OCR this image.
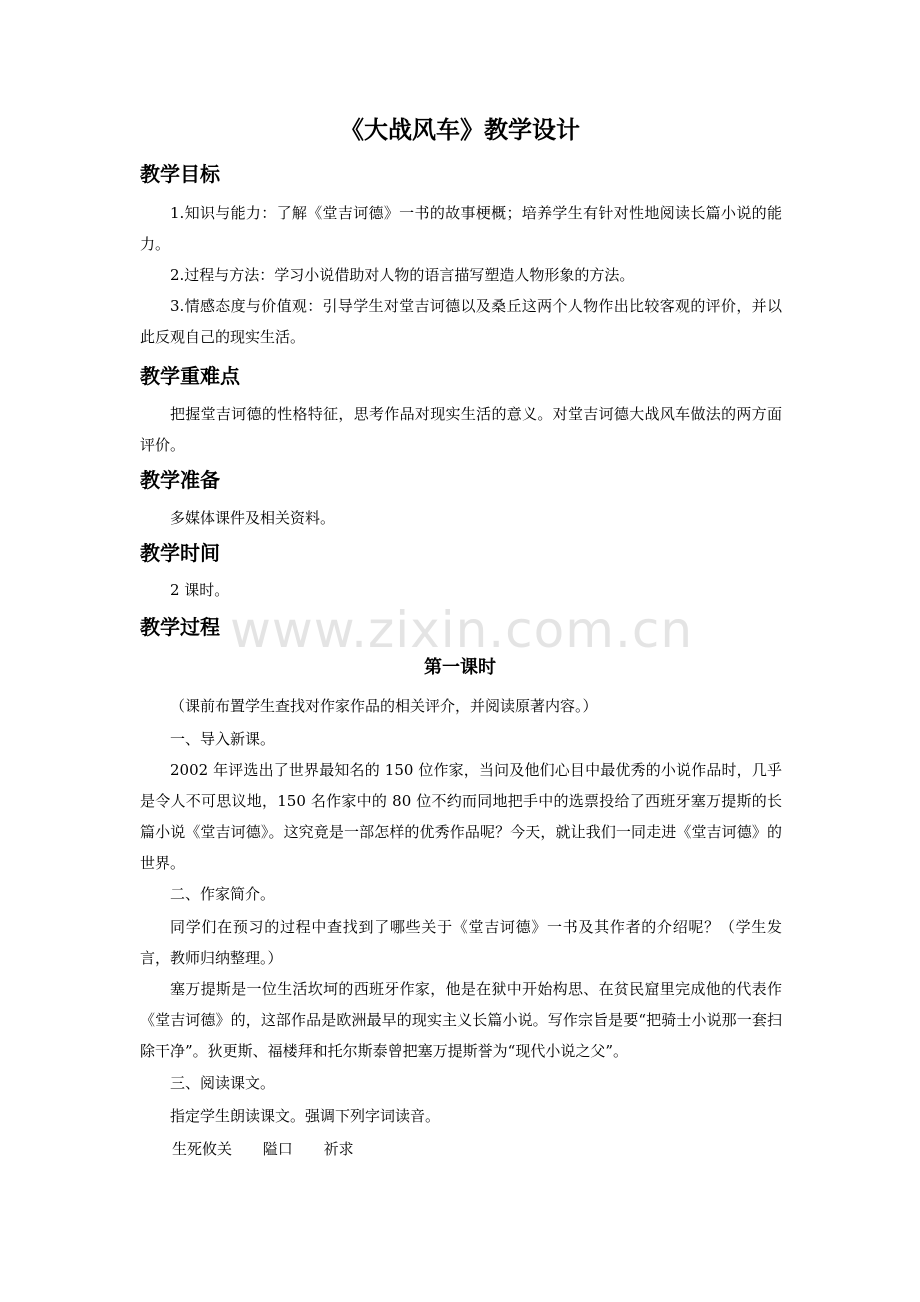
《大战风车》教学设计
教学目标

1.知识与能力：了解《堂吉诃德》一书的故事梗概；培养学生有针对性地阅读长篇小说的能力。

2.过程与方法：学习小说借助对人物的语言描写塑造人物形象的方法。

3.情感态度与价值观：引导学生对堂吉诃德以及桑丘这两个人物作出比较客观的评价，并以此反观自己的现实生活。

教学重难点

把握堂吉诃德的性格特征，思考作品对现实生活的意义。对堂吉诃德大战风车做法的两方面评价。

教学准备

多媒体课件及相关资料。

教学时间

2 课时。

教学过程
第一课时

（课前布置学生查找对作家作品的相关评介，并阅读原著内容。）

一、导入新课。

2002 年评选出了世界最知名的 150 位作家，当问及他们心目中最优秀的小说作品时，几乎是令人不可思议地，150 名作家中的 80 位不约而同地把手中的选票投给了西班牙塞万提斯的长篇小说《堂吉诃德》。这究竟是一部怎样的优秀作品呢？今天，就让我们一同走进《堂吉诃德》的世界。

二、作家简介。

同学们在预习的过程中查找到了哪些关于《堂吉诃德》一书及其作者的介绍呢？（学生发言，教师归纳整理。）

塞万提斯是一位生活坎坷的西班牙作家，他是在狱中开始构思、在贫民窟里完成他的代表作《堂吉诃德》的，这部作品是欧洲最早的现实主义长篇小说。写作宗旨是要“把骑士小说那一套扫除干净”。狄更斯、福楼拜和托尔斯泰曾把塞万提斯誉为“现代小说之父”。

三、阅读课文。

指定学生朗读课文。强调下列字词读音。

生死攸关 隘口 祈求
www.zixin.com.cn
